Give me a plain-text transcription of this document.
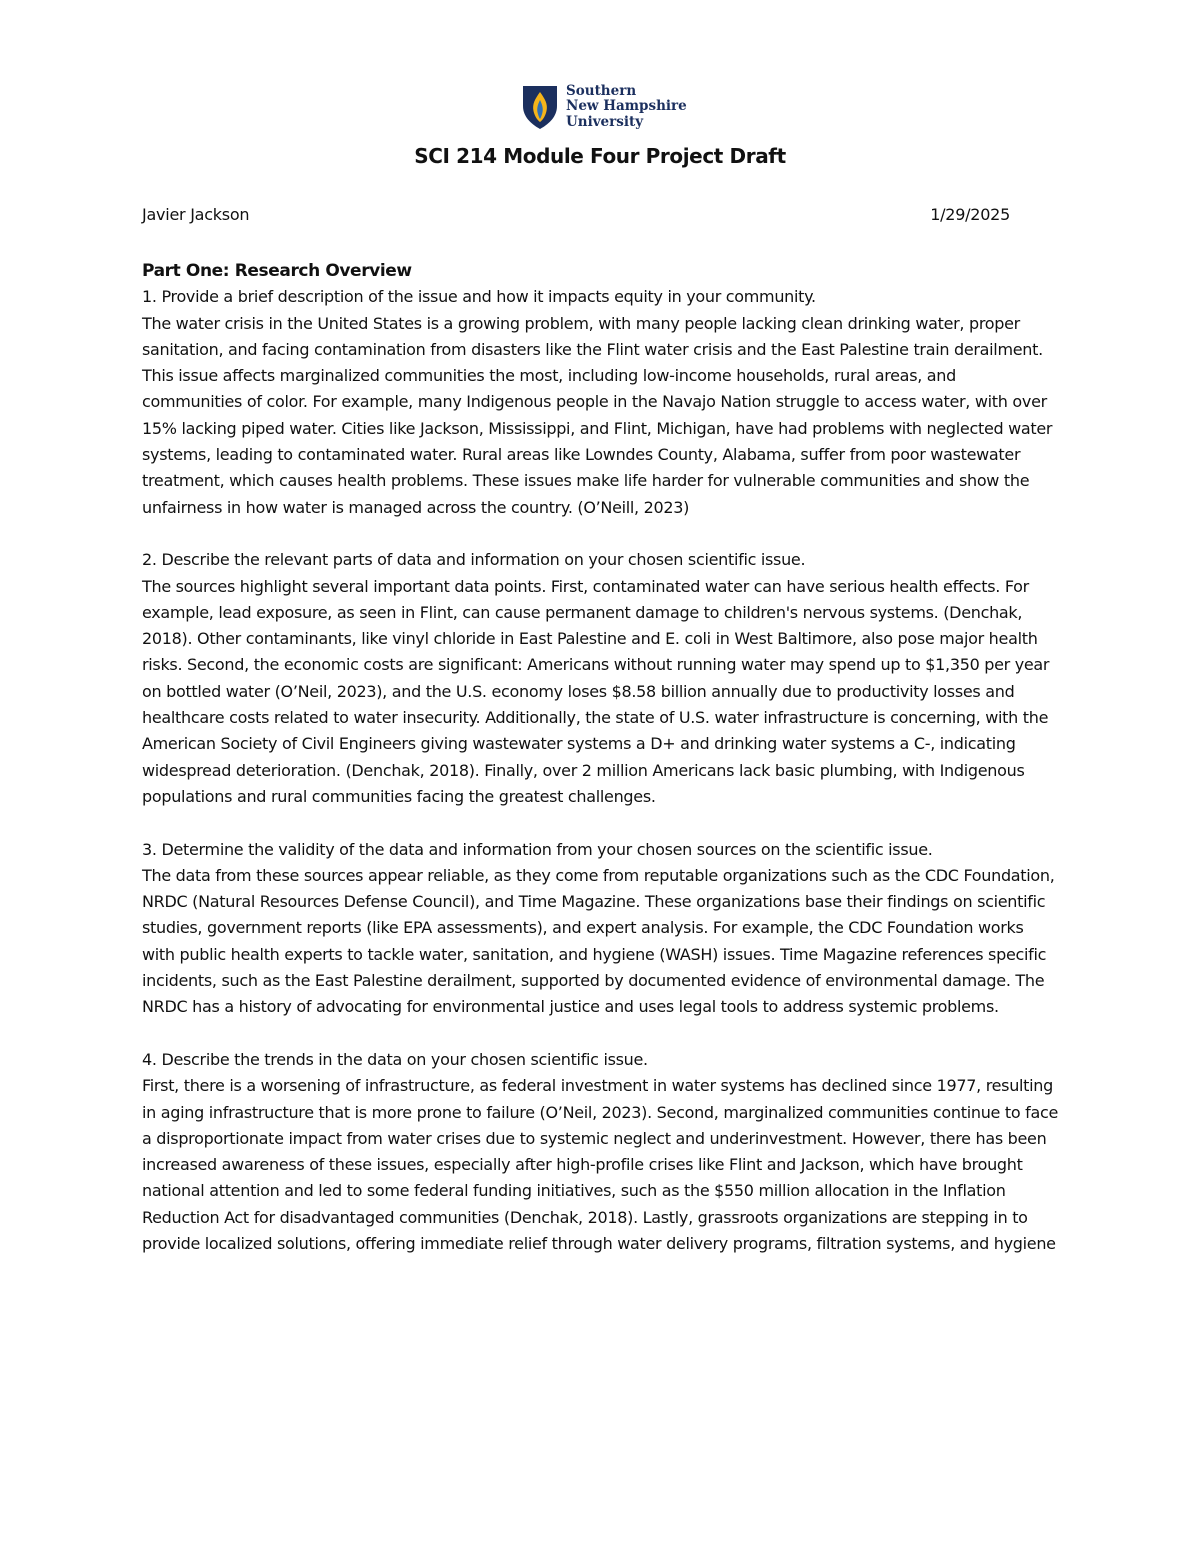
Southern
New Hampshire
University
SCI 214 Module Four Project Draft
Javier Jackson	1/29/2025

Part One: Research Overview

1. Provide a brief description of the issue and how it impacts equity in your community.

The water crisis in the United States is a growing problem, with many people lacking clean drinking water, proper sanitation, and facing contamination from disasters like the Flint water crisis and the East Palestine train derailment. This issue affects marginalized communities the most, including low-income households, rural areas, and communities of color. For example, many Indigenous people in the Navajo Nation struggle to access water, with over 15% lacking piped water. Cities like Jackson, Mississippi, and Flint, Michigan, have had problems with neglected water systems, leading to contaminated water. Rural areas like Lowndes County, Alabama, suffer from poor wastewater treatment, which causes health problems. These issues make life harder for vulnerable communities and show the unfairness in how water is managed across the country. (O’Neill, 2023)

2. Describe the relevant parts of data and information on your chosen scientific issue.

The sources highlight several important data points. First, contaminated water can have serious health effects. For example, lead exposure, as seen in Flint, can cause permanent damage to children's nervous systems. (Denchak, 2018). Other contaminants, like vinyl chloride in East Palestine and E. coli in West Baltimore, also pose major health risks. Second, the economic costs are significant: Americans without running water may spend up to $1,350 per year on bottled water (O’Neil, 2023), and the U.S. economy loses $8.58 billion annually due to productivity losses and healthcare costs related to water insecurity. Additionally, the state of U.S. water infrastructure is concerning, with the American Society of Civil Engineers giving wastewater systems a D+ and drinking water systems a C-, indicating widespread deterioration. (Denchak, 2018). Finally, over 2 million Americans lack basic plumbing, with Indigenous populations and rural communities facing the greatest challenges.

3. Determine the validity of the data and information from your chosen sources on the scientific issue.

The data from these sources appear reliable, as they come from reputable organizations such as the CDC Foundation, NRDC (Natural Resources Defense Council), and Time Magazine. These organizations base their findings on scientific studies, government reports (like EPA assessments), and expert analysis. For example, the CDC Foundation works with public health experts to tackle water, sanitation, and hygiene (WASH) issues. Time Magazine references specific incidents, such as the East Palestine derailment, supported by documented evidence of environmental damage. The NRDC has a history of advocating for environmental justice and uses legal tools to address systemic problems.

4. Describe the trends in the data on your chosen scientific issue.

First, there is a worsening of infrastructure, as federal investment in water systems has declined since 1977, resulting in aging infrastructure that is more prone to failure (O’Neil, 2023). Second, marginalized communities continue to face a disproportionate impact from water crises due to systemic neglect and underinvestment. However, there has been increased awareness of these issues, especially after high-profile crises like Flint and Jackson, which have brought national attention and led to some federal funding initiatives, such as the $550 million allocation in the Inflation Reduction Act for disadvantaged communities (Denchak, 2018). Lastly, grassroots organizations are stepping in to provide localized solutions, offering immediate relief through water delivery programs, filtration systems, and hygiene
